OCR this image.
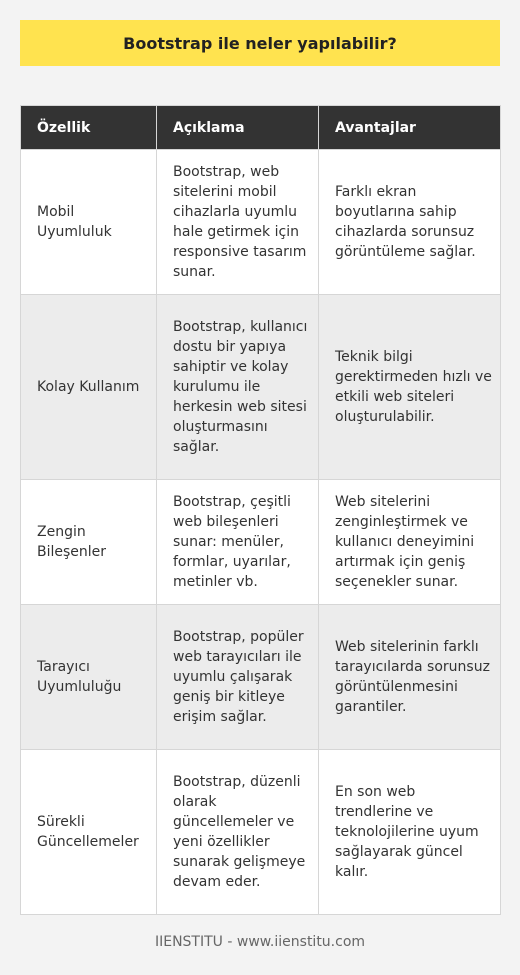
Bootstrap ile neler yapılabilir?
Özellik	Açıklama	Avantajlar
Mobil Uyumluluk	Bootstrap, web sitelerini mobil cihazlarla uyumlu hale getirmek için responsive tasarım sunar.	Farklı ekran boyutlarına sahip cihazlarda sorunsuz görüntüleme sağlar.
Kolay Kullanım	Bootstrap, kullanıcı dostu bir yapıya sahiptir ve kolay kurulumu ile herkesin web sitesi oluşturmasını sağlar.	Teknik bilgi gerektirmeden hızlı ve etkili web siteleri oluşturulabilir.
Zengin Bileşenler	Bootstrap, çeşitli web bileşenleri sunar: menüler, formlar, uyarılar, metinler vb.	Web sitelerini zenginleştirmek ve kullanıcı deneyimini artırmak için geniş seçenekler sunar.
Tarayıcı Uyumluluğu	Bootstrap, popüler web tarayıcıları ile uyumlu çalışarak geniş bir kitleye erişim sağlar.	Web sitelerinin farklı tarayıcılarda sorunsuz görüntülenmesini garantiler.
Sürekli Güncellemeler	Bootstrap, düzenli olarak güncellemeler ve yeni özellikler sunarak gelişmeye devam eder.	En son web trendlerine ve teknolojilerine uyum sağlayarak güncel kalır.
IIENSTITU - www.iienstitu.com
